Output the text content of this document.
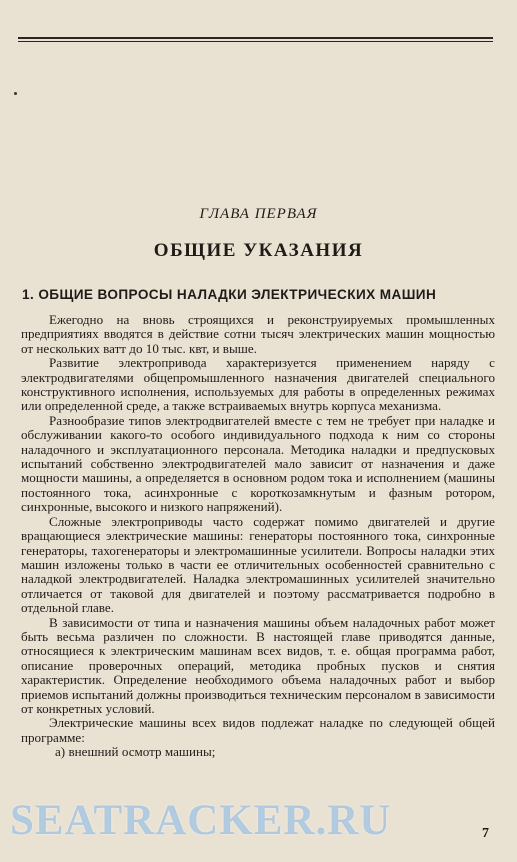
ГЛАВА ПЕРВАЯ
ОБЩИЕ УКАЗАНИЯ
1. ОБЩИЕ ВОПРОСЫ НАЛАДКИ ЭЛЕКТРИЧЕСКИХ МАШИН

Ежегодно на вновь строящихся и реконструируемых промышленных предприятиях вводятся в действие сотни тысяч электрических машин мощностью от нескольких ватт до 10 тыс. квт, и выше.

Развитие электропривода характеризуется применением наряду с электродвигателями общепромышленного назначения двигателей специального конструктивного исполнения, используемых для работы в определенных режимах или определенной среде, а также встраиваемых внутрь корпуса механизма.

Разнообразие типов электродвигателей вместе с тем не требует при наладке и обслуживании какого-то особого индивидуального подхода к ним со стороны наладочного и эксплуатационного персонала. Методика наладки и предпусковых испытаний собственно электродвигателей мало зависит от назначения и даже мощности машины, а определяется в основном родом тока и исполнением (машины постоянного тока, асинхронные с короткозамкнутым и фазным ротором, синхронные, высокого и низкого напряжений).

Сложные электроприводы часто содержат помимо двигателей и другие вращающиеся электрические машины: генераторы постоянного тока, синхронные генераторы, тахогенераторы и электромашинные усилители. Вопросы наладки этих машин изложены только в части ее отличительных особенностей сравнительно с наладкой электродвигателей. Наладка электромашинных усилителей значительно отличается от таковой для двигателей и поэтому рассматривается подробно в отдельной главе.

В зависимости от типа и назначения машины объем наладочных работ может быть весьма различен по сложности. В настоящей главе приводятся данные, относящиеся к электрическим машинам всех видов, т. е. общая программа работ, описание проверочных операций, методика пробных пусков и снятия характеристик. Определение необходимого объема наладочных работ и выбор приемов испытаний должны производиться техническим персоналом в зависимости от конкретных условий.

Электрические машины всех видов подлежат наладке по следующей общей программе:

а) внешний осмотр машины;

SEATRACKER.RU	7
